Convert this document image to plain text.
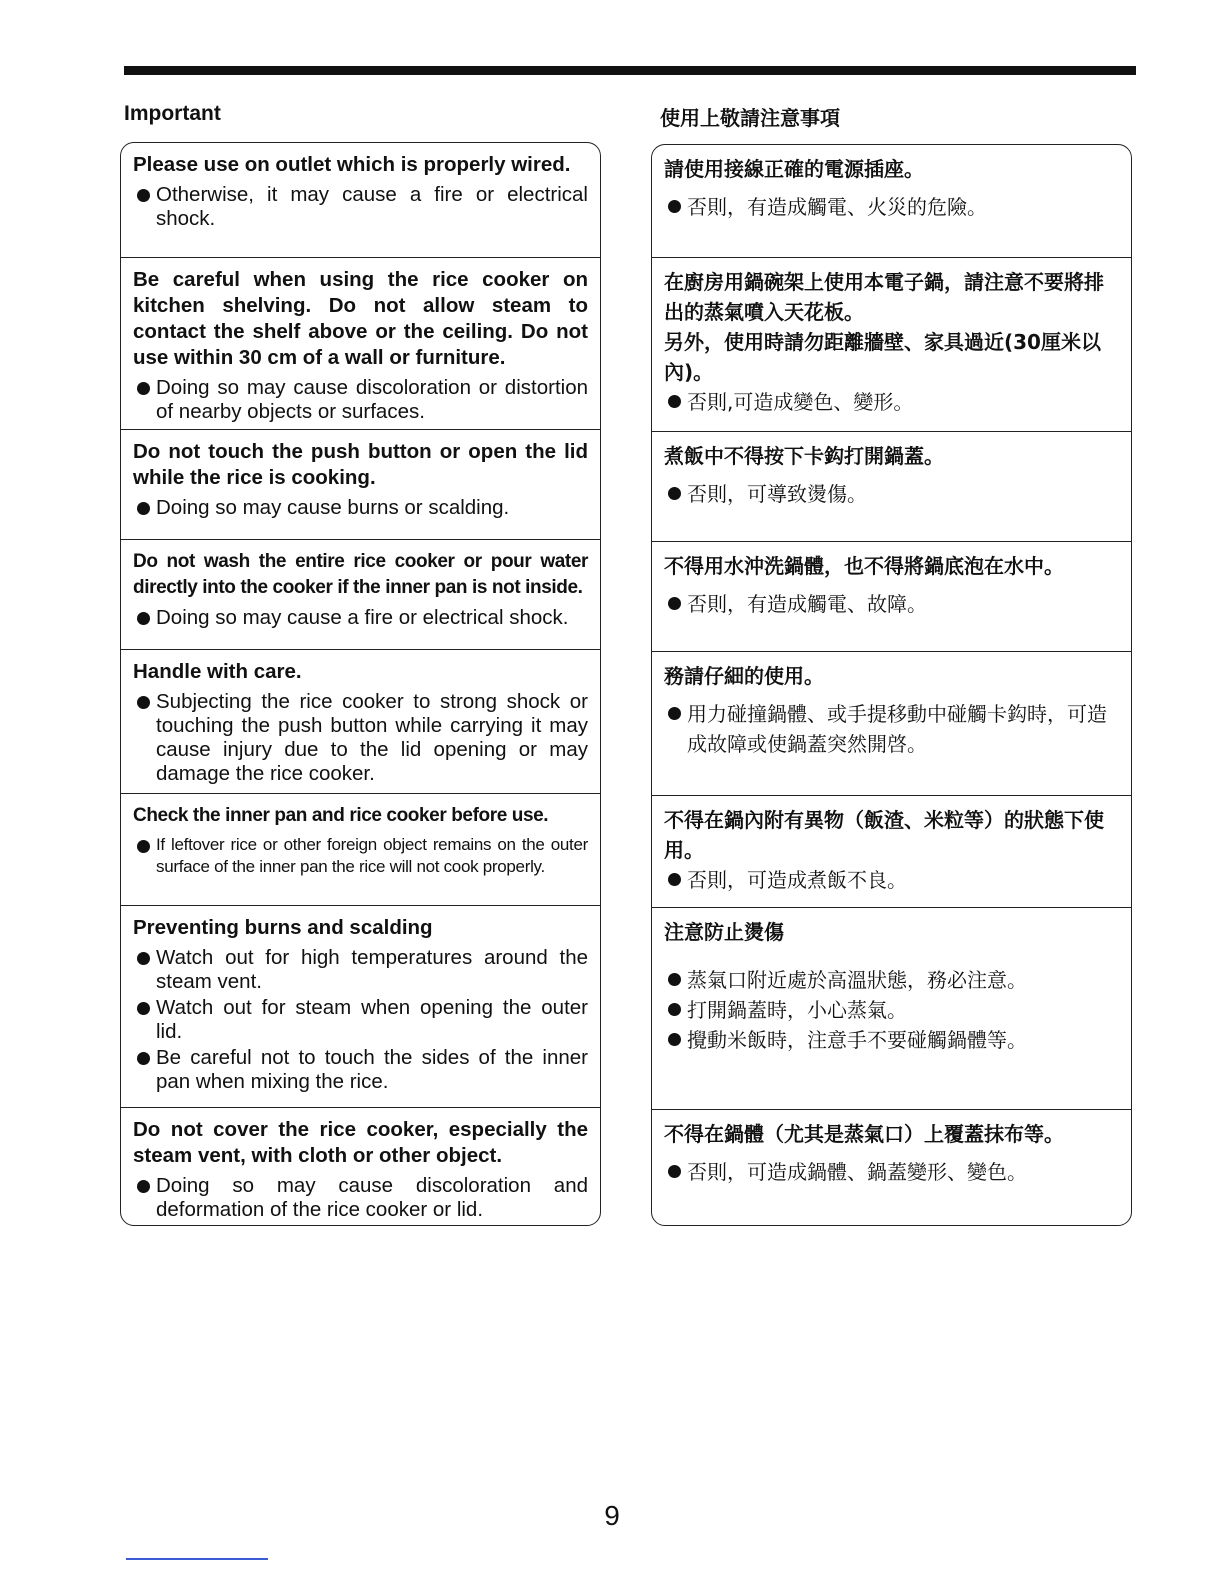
Important	使用上敬請注意事項
Please use on outlet which is properly wired.
Otherwise, it may cause a fire or electrical shock.
Be careful when using the rice cooker on kitchen shelving. Do not allow steam to contact the shelf above or the ceiling. Do not use within 30 cm of a wall or furniture.
Doing so may cause discoloration or distortion of nearby objects or surfaces.
Do not touch the push button or open the lid while the rice is cooking.
Doing so may cause burns or scalding.
Do not wash the entire rice cooker or pour water directly into the cooker if the inner pan is not inside.
Doing so may cause a fire or electrical shock.
Handle with care.
Subjecting the rice cooker to strong shock or touching the push button while carrying it may cause injury due to the lid opening or may damage the rice cooker.
Check the inner pan and rice cooker before use.
If leftover rice or other foreign object remains on the outer surface of the inner pan the rice will not cook properly.
Preventing burns and scalding
Watch out for high temperatures around the steam vent.
Watch out for steam when opening the outer lid.
Be careful not to touch the sides of the inner pan when mixing the rice.
Do not cover the rice cooker, especially the steam vent, with cloth or other object.
Doing so may cause discoloration and deformation of the rice cooker or lid.
請使用接線正確的電源插座。
否則，有造成觸電、火災的危險。
在廚房用鍋碗架上使用本電子鍋，請注意不要將排出的蒸氣噴入天花板。
另外，使用時請勿距離牆壁、家具過近(30厘米以內)。
否則,可造成變色、變形。
煮飯中不得按下卡鈎打開鍋蓋。
否則，可導致燙傷。
不得用水沖洗鍋體，也不得將鍋底泡在水中。
否則，有造成觸電、故障。
務請仔細的使用。
用力碰撞鍋體、或手提移動中碰觸卡鈎時，可造成故障或使鍋蓋突然開啓。
不得在鍋內附有異物（飯渣、米粒等）的狀態下使用。
否則，可造成煮飯不良。
注意防止燙傷
蒸氣口附近處於高溫狀態，務必注意。
打開鍋蓋時，小心蒸氣。
攪動米飯時，注意手不要碰觸鍋體等。
不得在鍋體（尤其是蒸氣口）上覆蓋抹布等。
否則，可造成鍋體、鍋蓋變形、變色。
9
